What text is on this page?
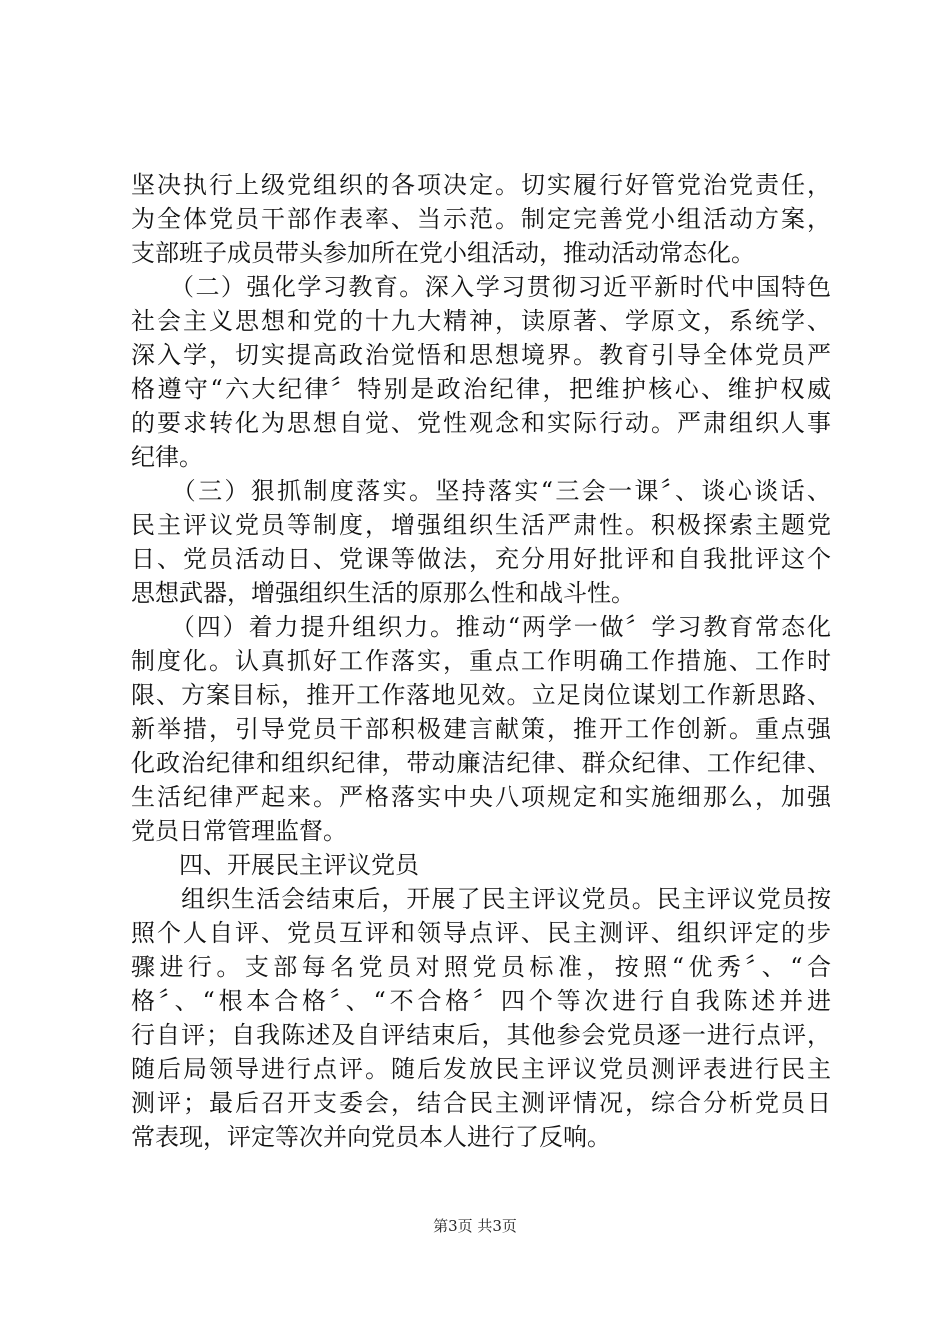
坚决执行上级党组织的各项决定。切实履行好管党治党责任，
为全体党员干部作表率、当示范。制定完善党小组活动方案，
支部班子成员带头参加所在党小组活动，推动活动常态化。
　　（二）强化学习教育。深入学习贯彻习近平新时代中国特色
社会主义思想和党的十九大精神，读原著、学原文，系统学、
深入学，切实提高政治觉悟和思想境界。教育引导全体党员严
格遵守“六大纪律〞特别是政治纪律，把维护核心、维护权威
的要求转化为思想自觉、党性观念和实际行动。严肃组织人事
纪律。
　　（三）狠抓制度落实。坚持落实“三会一课〞、谈心谈话、
民主评议党员等制度，增强组织生活严肃性。积极探索主题党
日、党员活动日、党课等做法，充分用好批评和自我批评这个
思想武器，增强组织生活的原那么性和战斗性。
　　（四）着力提升组织力。推动“两学一做〞学习教育常态化
制度化。认真抓好工作落实，重点工作明确工作措施、工作时
限、方案目标，推开工作落地见效。立足岗位谋划工作新思路、
新举措，引导党员干部积极建言献策，推开工作创新。重点强
化政治纪律和组织纪律，带动廉洁纪律、群众纪律、工作纪律、
生活纪律严起来。严格落实中央八项规定和实施细那么，加强
党员日常管理监督。
　　四、开展民主评议党员
　　组织生活会结束后，开展了民主评议党员。民主评议党员按
照个人自评、党员互评和领导点评、民主测评、组织评定的步
骤进行。支部每名党员对照党员标准，按照“优秀〞、“合
格〞、“根本合格〞、“不合格〞四个等次进行自我陈述并进
行自评；自我陈述及自评结束后，其他参会党员逐一进行点评，
随后局领导进行点评。随后发放民主评议党员测评表进行民主
测评；最后召开支委会，结合民主测评情况，综合分析党员日
常表现，评定等次并向党员本人进行了反响。
第3页 共3页
